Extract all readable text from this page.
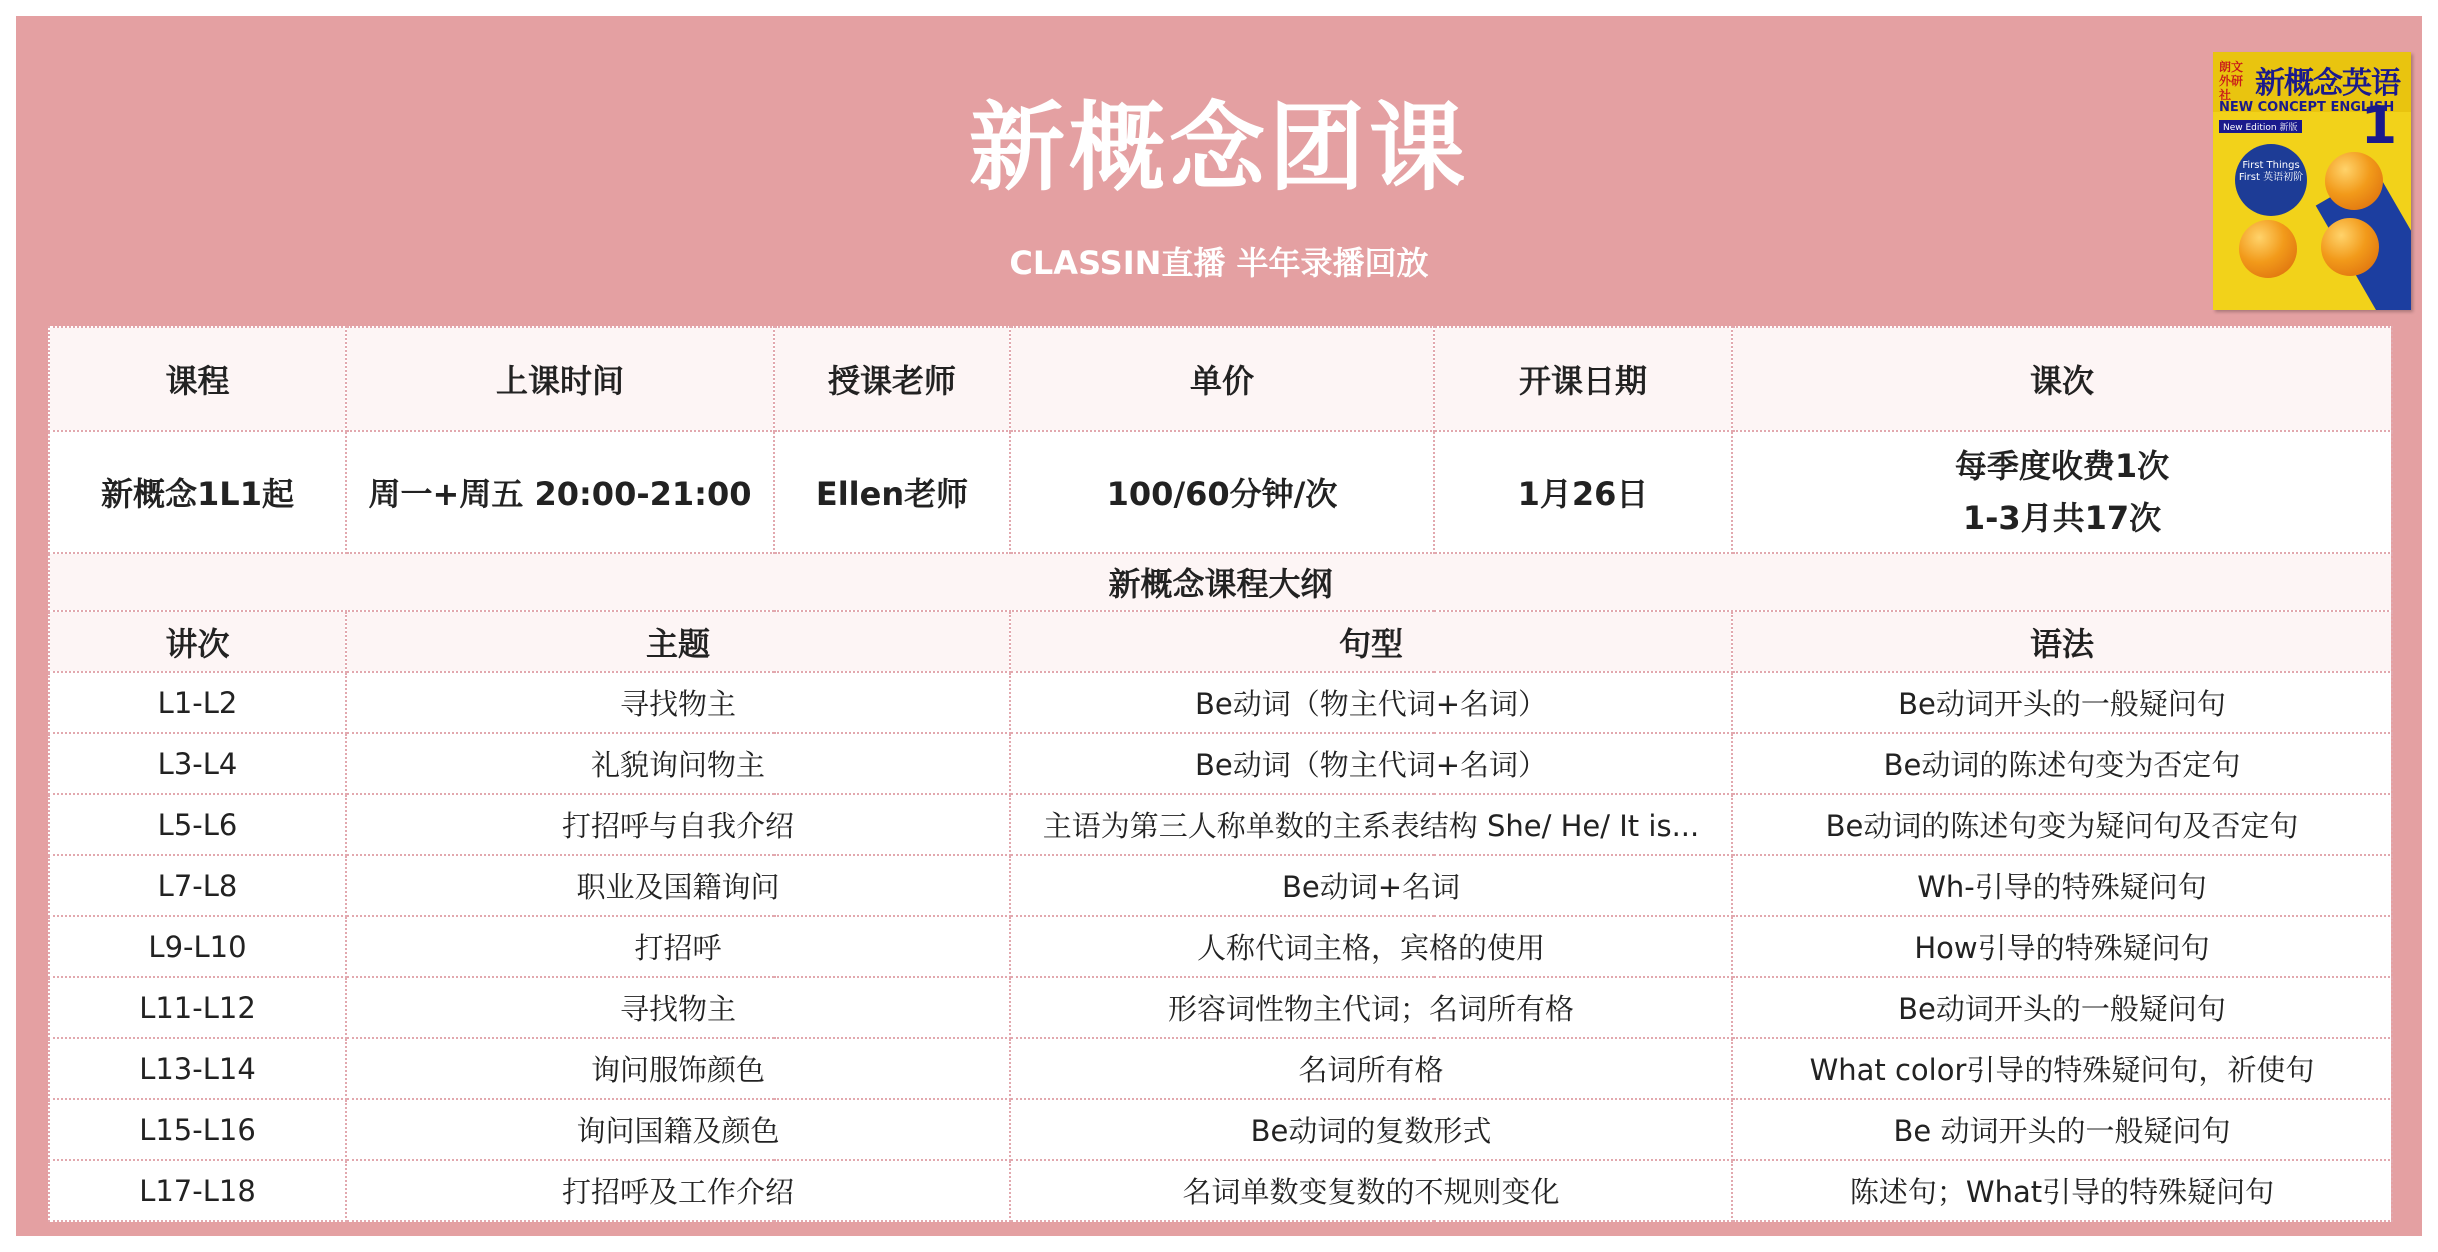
新概念团课
CLASSIN直播 半年录播回放
朗文 外研社 新概念英语
NEW CONCEPT ENGLISH
New Edition 新版 1
First Things First 英语初阶
课程	上课时间	授课老师	单价	开课日期	课次
新概念1L1起	周一+周五 20:00-21:00	Ellen老师	100/60分钟/次	1月26日	每季度收费1次
1-3月共17次
新概念课程大纲					
讲次	主题		句型		语法
L1-L2	寻找物主		Be动词（物主代词+名词）		Be动词开头的一般疑问句
L3-L4	礼貌询问物主		Be动词（物主代词+名词）		Be动词的陈述句变为否定句
L5-L6	打招呼与自我介绍		主语为第三人称单数的主系表结构 She/ He/ It is...		Be动词的陈述句变为疑问句及否定句
L7-L8	职业及国籍询问		Be动词+名词		Wh-引导的特殊疑问句
L9-L10	打招呼		人称代词主格，宾格的使用		How引导的特殊疑问句
L11-L12	寻找物主		形容词性物主代词；名词所有格		Be动词开头的一般疑问句
L13-L14	询问服饰颜色		名词所有格		What color引导的特殊疑问句，祈使句
L15-L16	询问国籍及颜色		Be动词的复数形式		Be 动词开头的一般疑问句
L17-L18	打招呼及工作介绍		名词单数变复数的不规则变化		陈述句；What引导的特殊疑问句
